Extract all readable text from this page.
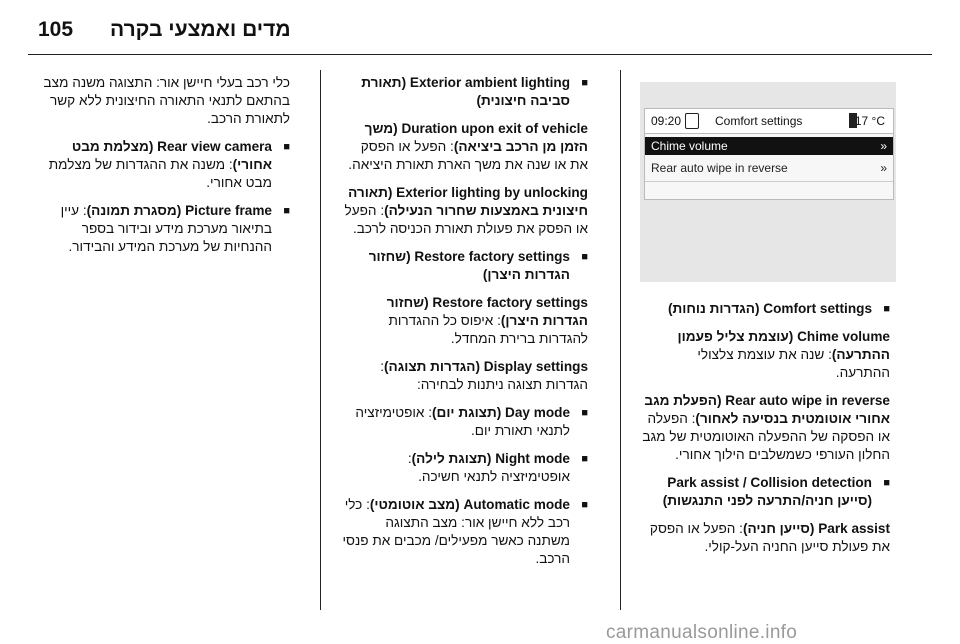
105 מדים ואמצעי בקרה
09:20	Comfort settings	17 °C
Chime volume	»
Rear auto wipe in reverse	»

■ Comfort settings (הגדרות נוחות)

Chime volume (עוצמת צליל פעמון ההתרעה): שנה את עוצמת צלצולי ההתרעה.

Rear auto wipe in reverse (הפעלת מגב אחורי אוטומטית בנסיעה לאחור): הפעלה או הפסקה של ההפעלה האוטומטית של מגב החלון העורפי כשמשלבים הילוך אחורי.

■ Park assist / Collision detection (סייען חניה/התרעה לפני התנגשות)

Park assist (סייען חניה): הפעל או הפסק את פעולת סייען החניה העל-קולי.

■ Exterior ambient lighting (תאורת סביבה חיצונית)

Duration upon exit of vehicle (משך הזמן מן הרכב ביציאה): הפעל או הפסק את או שנה את משך הארת תאורת היציאה.

Exterior lighting by unlocking (תאורה חיצונית באמצעות שחרור הנעילה): הפעל או הפסק את פעולת תאורת הכניסה לרכב.

■ Restore factory settings (שחזור הגדרות היצרן)

Restore factory settings (שחזור הגדרות היצרן): איפוס כל ההגדרות להגדרות ברירת המחדל.

Display settings (הגדרות תצוגה): הגדרות תצוגה ניתנות לבחירה:

■ Day mode (תצוגת יום): אופטימיזציה לתנאי תאורת יום.

■ Night mode (תצוגת לילה): אופטימיזציה לתנאי חשיכה.

■ Automatic mode (מצב אוטומטי): כלי רכב ללא חיישן אור: מצב התצוגה משתנה כאשר מפעילים/ מכבים את פנסי הרכב.

כלי רכב בעלי חיישן אור: התצוגה משנה מצב בהתאם לתנאי התאורה החיצונית ללא קשר לתאורת הרכב.

■ Rear view camera (מצלמת מבט אחורי): משנה את ההגדרות של מצלמת מבט אחורי.

■ Picture frame (מסגרת תמונה): עיין בתיאור מערכת מידע ובידור בספר ההנחיות של מערכת המידע והבידור.

carmanualsonline.info
